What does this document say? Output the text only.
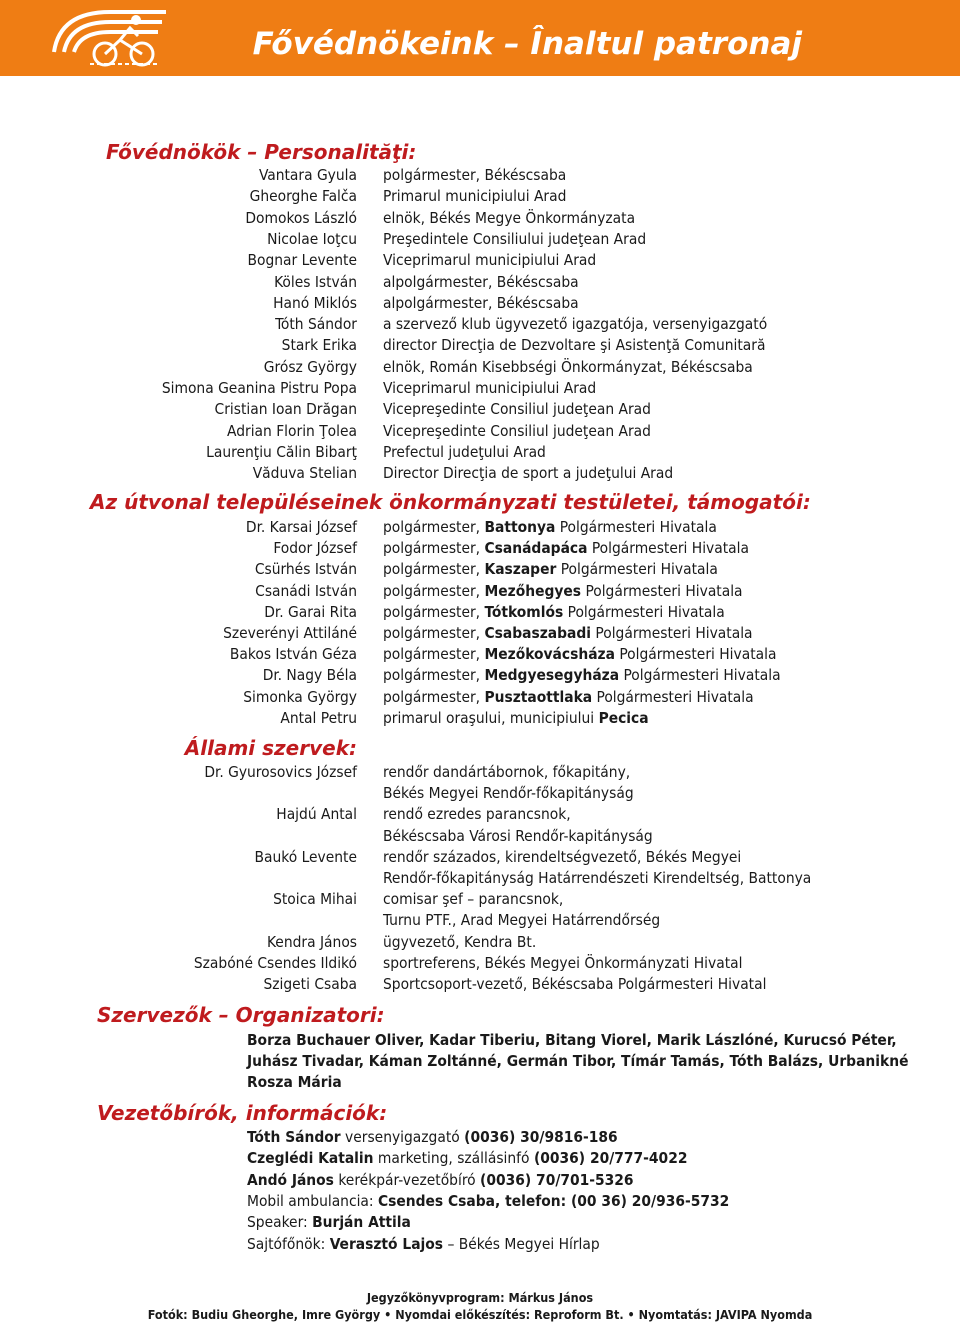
Fővédnökeink – Înaltul patronaj
Fővédnökök – Personalităţi:
Vantara Gyula polgármester, Békéscsaba
Gheorghe Falča Primarul municipiului Arad
Domokos László elnök, Békés Megye Önkormányzata
Nicolae Ioţcu Preşedintele Consiliului judeţean Arad
Bognar Levente Viceprimarul municipiului Arad
Köles István alpolgármester, Békéscsaba
Hanó Miklós alpolgármester, Békéscsaba
Tóth Sándor a szervező klub ügyvezető igazgatója, versenyigazgató
Stark Erika director Direcţia de Dezvoltare şi Asistenţă Comunitară
Grósz György elnök, Román Kisebbségi Önkormányzat, Békéscsaba
Simona Geanina Pistru Popa Viceprimarul municipiului Arad
Cristian Ioan Drăgan Vicepreşedinte Consiliul judeţean Arad
Adrian Florin Ţolea Vicepreşedinte Consiliul judeţean Arad
Laurenţiu Călin Bibarţ Prefectul judeţului Arad
Văduva Stelian Director Direcţia de sport a judeţului Arad
Az útvonal településeinek önkormányzati testületei, támogatói:
Dr. Karsai József polgármester, Battonya Polgármesteri Hivatala
Fodor József polgármester, Csanádapáca Polgármesteri Hivatala
Csürhés István polgármester, Kaszaper Polgármesteri Hivatala
Csanádi István polgármester, Mezőhegyes Polgármesteri Hivatala
Dr. Garai Rita polgármester, Tótkomlós Polgármesteri Hivatala
Szeverényi Attiláné polgármester, Csabaszabadi Polgármesteri Hivatala
Bakos István Géza polgármester, Mezőkovácsháza Polgármesteri Hivatala
Dr. Nagy Béla polgármester, Medgyesegyháza Polgármesteri Hivatala
Simonka György polgármester, Pusztaottlaka Polgármesteri Hivatala
Antal Petru primarul oraşului, municipiului Pecica
Állami szervek:
Dr. Gyurosovics József rendőr dandártábornok, főkapitány,
Békés Megyei Rendőr-főkapitányság
Hajdú Antal rendő ezredes parancsnok,
Békéscsaba Városi Rendőr-kapitányság
Baukó Levente rendőr százados, kirendeltségvezető, Békés Megyei
Rendőr-főkapitányság Határrendészeti Kirendeltség, Battonya
Stoica Mihai comisar şef – parancsnok,
Turnu PTF., Arad Megyei Határrendőrség
Kendra János ügyvezető, Kendra Bt.
Szabóné Csendes Ildikó sportreferens, Békés Megyei Önkormányzati Hivatal
Szigeti Csaba Sportcsoport-vezető, Békéscsaba Polgármesteri Hivatal
Szervezők – Organizatori:
Borza Buchauer Oliver, Kadar Tiberiu, Bitang Viorel, Marik Lászlóné, Kurucsó Péter, Juhász Tivadar, Káman Zoltánné, Germán Tibor, Tímár Tamás, Tóth Balázs, Urbanikné Rosza Mária
Vezetőbírók, információk:
Tóth Sándor versenyigazgató (0036) 30/9816-186
Czeglédi Katalin marketing, szállásinfó (0036) 20/777-4022
Andó János kerékpár-vezetőbíró (0036) 70/701-5326
Mobil ambulancia: Csendes Csaba, telefon: (00 36) 20/936-5732
Speaker: Burján Attila
Sajtófőnök: Verasztó Lajos – Békés Megyei Hírlap
Jegyzőkönyvprogram: Márkus János
Fotók: Budiu Gheorghe, Imre György • Nyomdai előkészítés: Reproform Bt. • Nyomtatás: JAVIPA Nyomda
